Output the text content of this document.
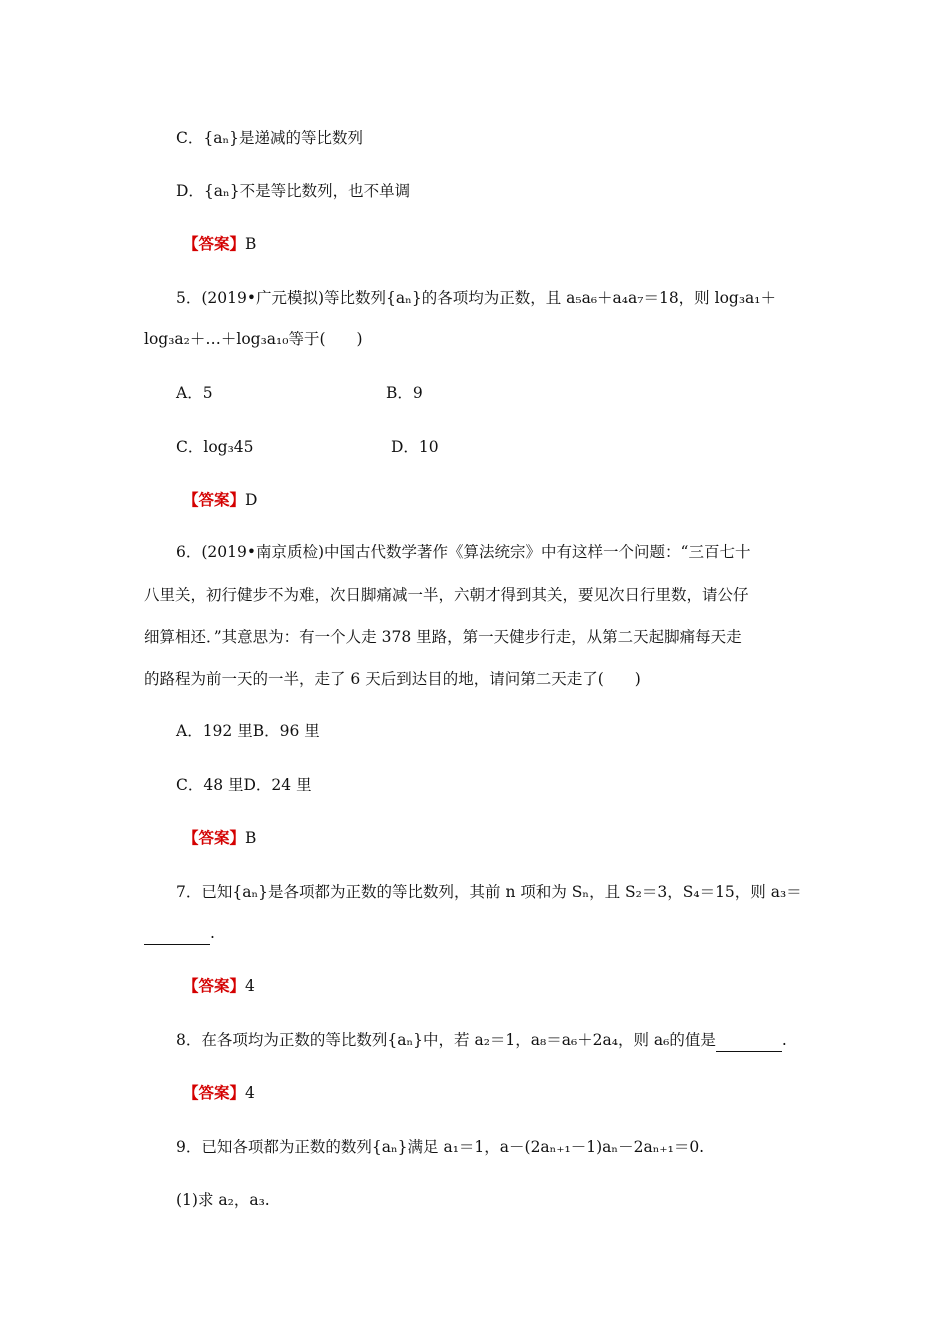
C．{aₙ}是递减的等比数列
D．{aₙ}不是等比数列，也不单调
【答案】B
5．(2019•广元模拟)等比数列{aₙ}的各项均为正数，且 a₅a₆＋a₄a₇＝18，则 log₃a₁＋
log₃a₂＋…＋log₃a₁₀等于(　　)
A．5	B．9
C．log₃45	D．10
【答案】D
6．(2019•南京质检)中国古代数学著作《算法统宗》中有这样一个问题：“三百七十
八里关，初行健步不为难，次日脚痛减一半，六朝才得到其关，要见次日行里数，请公仔
细算相还．”其意思为：有一个人走 378 里路，第一天健步行走，从第二天起脚痛每天走
的路程为前一天的一半，走了 6 天后到达目的地，请问第二天走了(　　)
A．192 里B．96 里
C．48 里D．24 里
【答案】B
7．已知{aₙ}是各项都为正数的等比数列，其前 n 项和为 Sₙ，且 S₂＝3，S₄＝15，则 a₃＝
.
【答案】4
8．在各项均为正数的等比数列{aₙ}中，若 a₂＝1，a₈＝a₆＋2a₄，则 a₆的值是	.
【答案】4
9．已知各项都为正数的数列{aₙ}满足 a₁＝1，a－(2aₙ₊₁－1)aₙ－2aₙ₊₁＝0.
(1)求 a₂，a₃.
